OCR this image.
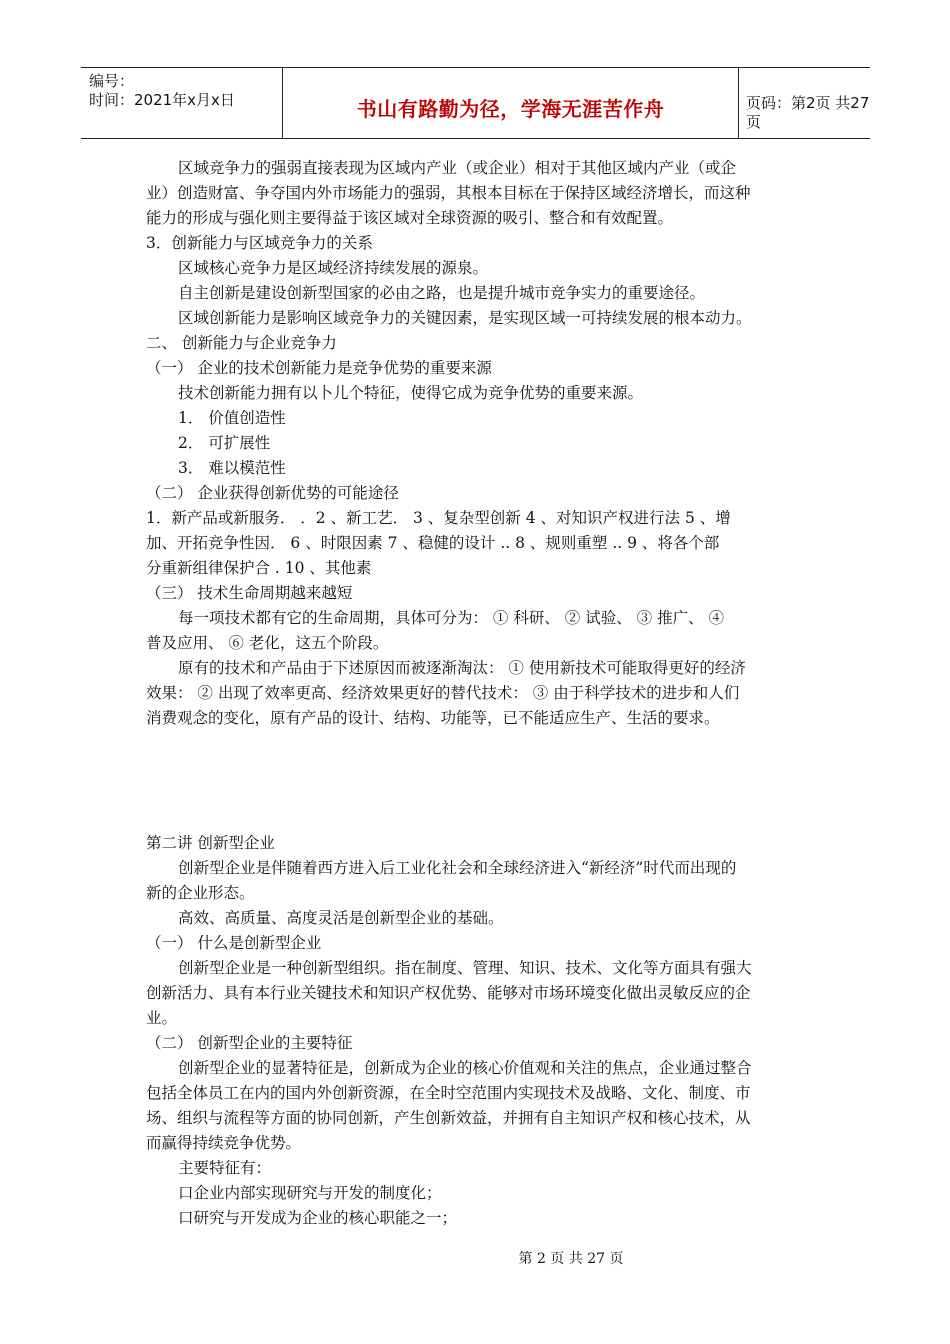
编号：
时间：2021年x月x日	书山有路勤为径，学海无涯苦作舟	页码：第2页 共27页

区域竞争力的强弱直接表现为区域内产业（或企业）相对于其他区域内产业（或企

业）创造财富、争夺国内外市场能力的强弱，其根本目标在于保持区域经济增长，而这种

能力的形成与强化则主要得益于该区域对全球资源的吸引、整合和有效配置。

3．创新能力与区域竞争力的关系

区域核心竞争力是区域经济持续发展的源泉。

自主创新是建设创新型国家的必由之路，也是提升城市竞争实力的重要途径。

区域创新能力是影响区域竞争力的关键因素，是实现区域一可持续发展的根本动力。

二、 创新能力与企业竞争力

（一） 企业的技术创新能力是竞争优势的重要来源

技术创新能力拥有以卜儿个特征，使得它成为竞争优势的重要来源。

1． 价值创造性

2． 可扩展性

3． 难以模范性

（二） 企业获得创新优势的可能途径

1．新产品或新服务． ．2 、新工艺． 3 、复杂型创新 4 、对知识产权进行法 5 、增

加、开拓竞争性因． 6 、时限因素 7 、稳健的设计 .. 8 、规则重塑 .. 9 、将各个部

分重新组律保护合 . 10 、其他素

（三） 技术生命周期越来越短

每一项技术都有它的生命周期，具体可分为： ① 科研、 ② 试验、 ③ 推广、 ④

普及应用、 ⑥ 老化，这五个阶段。

原有的技术和产品由于下述原因而被逐渐淘汰： ① 使用新技术可能取得更好的经济

效果： ② 出现了效率更高、经济效果更好的替代技术： ③ 由于科学技术的进步和人们

消费观念的变化，原有产品的设计、结构、功能等，已不能适应生产、生活的要求。

第二讲 创新型企业

创新型企业是伴随着西方进入后工业化社会和全球经济进入“新经济”时代而出现的

新的企业形态。

高效、高质量、高度灵活是创新型企业的基础。

（一） 什么是创新型企业

创新型企业是一种创新型组织。指在制度、管理、知识、技术、文化等方面具有强大

创新活力、具有本行业关键技术和知识产权优势、能够对市场环境变化做出灵敏反应的企

业。

（二） 创新型企业的主要特征

创新型企业的显著特征是，创新成为企业的核心价值观和关注的焦点，企业通过整合

包括全体员工在内的国内外创新资源，在全时空范围内实现技术及战略、文化、制度、市

场、组织与流程等方面的协同创新，产生创新效益，并拥有自主知识产权和核心技术，从

而赢得持续竞争优势。

主要特征有：

口企业内部实现研究与开发的制度化；

口研究与开发成为企业的核心职能之一；

第 2 页 共 27 页
